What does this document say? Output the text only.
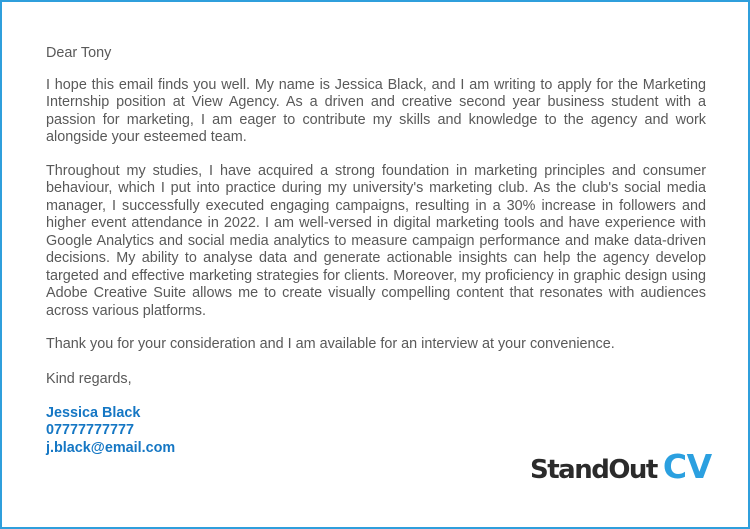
Dear Tony

I hope this email finds you well. My name is Jessica Black, and I am writing to apply for the Marketing Internship position at View Agency. As a driven and creative second year business student with a passion for marketing, I am eager to contribute my skills and knowledge to the agency and work alongside your esteemed team.

Throughout my studies, I have acquired a strong foundation in marketing principles and consumer behaviour, which I put into practice during my university's marketing club. As the club's social media manager, I successfully executed engaging campaigns, resulting in a 30% increase in followers and higher event attendance in 2022. I am well-versed in digital marketing tools and have experience with Google Analytics and social media analytics to measure campaign performance and make data-driven decisions. My ability to analyse data and generate actionable insights can help the agency develop targeted and effective marketing strategies for clients. Moreover, my proficiency in graphic design using Adobe Creative Suite allows me to create visually compelling content that resonates with audiences across various platforms.

Thank you for your consideration and I am available for an interview at your convenience.

Kind regards,

Jessica Black
07777777777
j.black@email.com
StandOut CV
